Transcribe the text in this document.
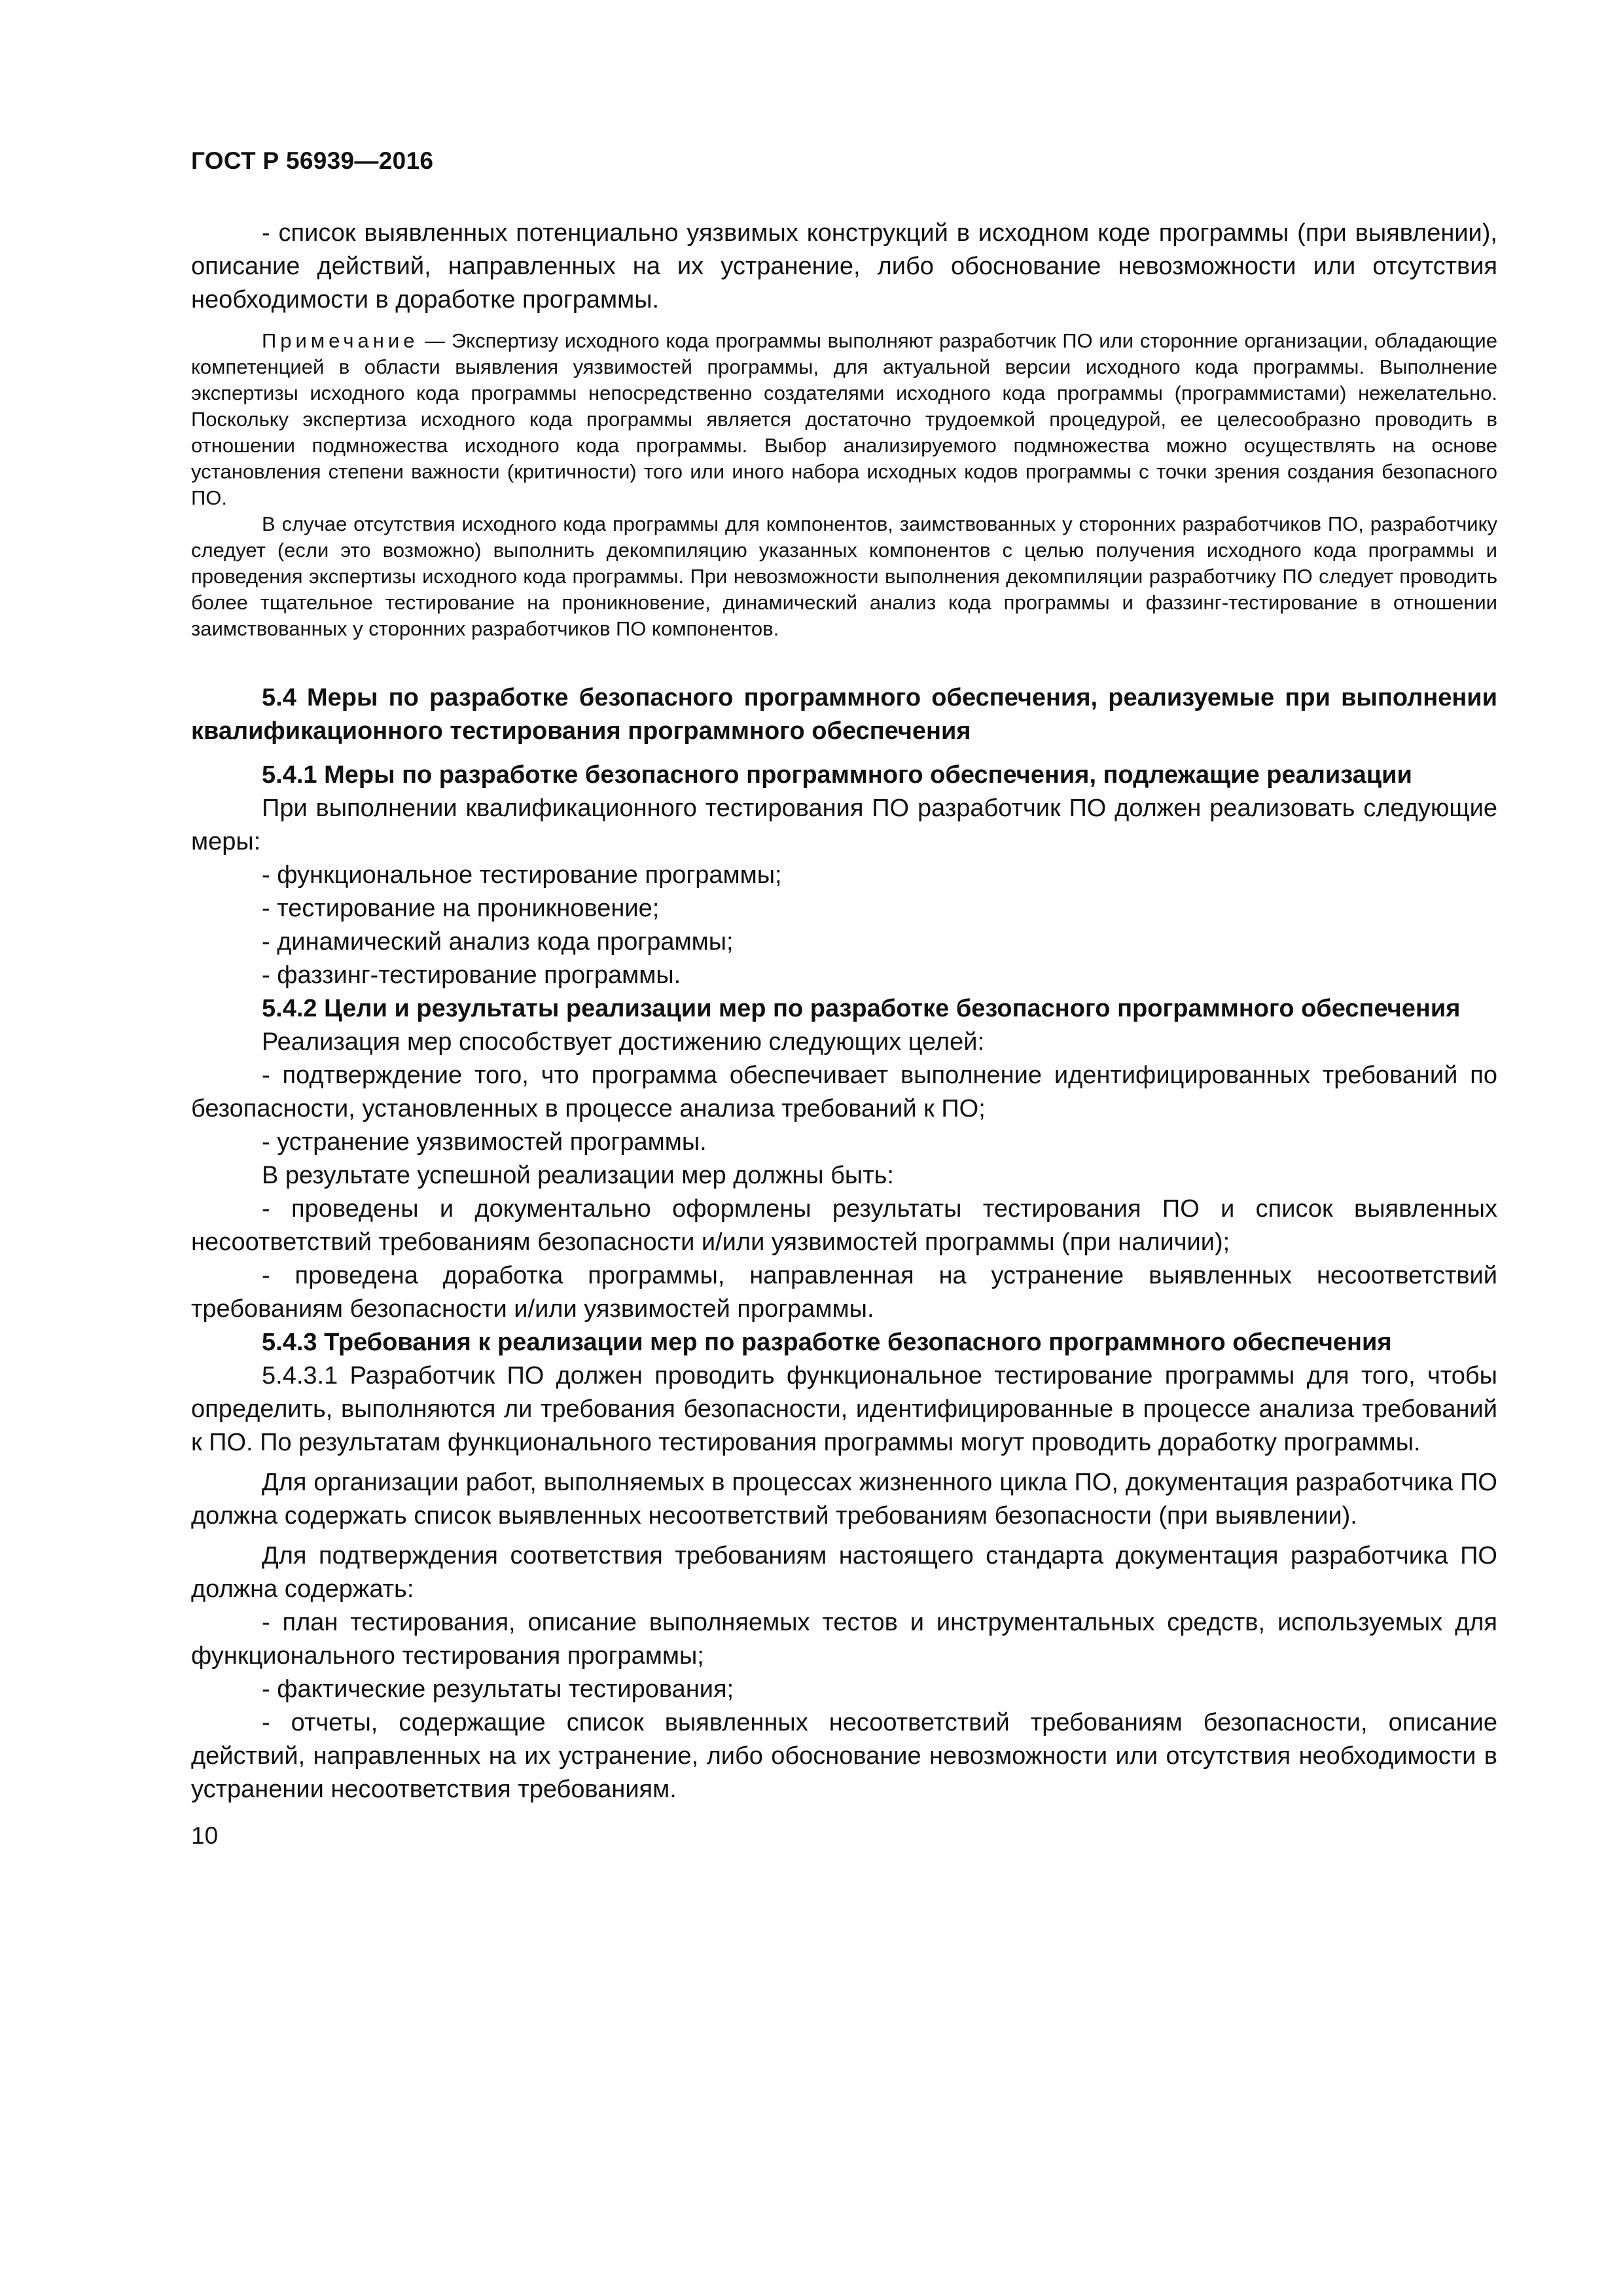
ГОСТ Р 56939—2016

- список выявленных потенциально уязвимых конструкций в исходном коде программы (при выявлении), описание действий, направленных на их устранение, либо обоснование невозможности или отсутствия необходимости в доработке программы.

Примечание — Экспертизу исходного кода программы выполняют разработчик ПО или сторонние организации, обладающие компетенцией в области выявления уязвимостей программы, для актуальной версии исходного кода программы. Выполнение экспертизы исходного кода программы непосредственно создателями исходного кода программы (программистами) нежелательно. Поскольку экспертиза исходного кода программы является достаточно трудоемкой процедурой, ее целесообразно проводить в отношении подмножества исходного кода программы. Выбор анализируемого подмножества можно осуществлять на основе установления степени важности (критичности) того или иного набора исходных кодов программы с точки зрения создания безопасного ПО.

В случае отсутствия исходного кода программы для компонентов, заимствованных у сторонних разработчиков ПО, разработчику следует (если это возможно) выполнить декомпиляцию указанных компонентов с целью получения исходного кода программы и проведения экспертизы исходного кода программы. При невозможности выполнения декомпиляции разработчику ПО следует проводить более тщательное тестирование на проникновение, динамический анализ кода программы и фаззинг-тестирование в отношении заимствованных у сторонних разработчиков ПО компонентов.

5.4 Меры по разработке безопасного программного обеспечения, реализуемые при выполнении квалификационного тестирования программного обеспечения

5.4.1 Меры по разработке безопасного программного обеспечения, подлежащие реализации

При выполнении квалификационного тестирования ПО разработчик ПО должен реализовать следующие меры:

- функциональное тестирование программы;

- тестирование на проникновение;

- динамический анализ кода программы;

- фаззинг-тестирование программы.

5.4.2 Цели и результаты реализации мер по разработке безопасного программного обеспечения

Реализация мер способствует достижению следующих целей:

- подтверждение того, что программа обеспечивает выполнение идентифицированных требований по безопасности, установленных в процессе анализа требований к ПО;

- устранение уязвимостей программы.

В результате успешной реализации мер должны быть:

- проведены и документально оформлены результаты тестирования ПО и список выявленных несоответствий требованиям безопасности и/или уязвимостей программы (при наличии);

- проведена доработка программы, направленная на устранение выявленных несоответствий требованиям безопасности и/или уязвимостей программы.

5.4.3 Требования к реализации мер по разработке безопасного программного обеспечения

5.4.3.1 Разработчик ПО должен проводить функциональное тестирование программы для того, чтобы определить, выполняются ли требования безопасности, идентифицированные в процессе анализа требований к ПО. По результатам функционального тестирования программы могут проводить доработку программы.

Для организации работ, выполняемых в процессах жизненного цикла ПО, документация разработчика ПО должна содержать список выявленных несоответствий требованиям безопасности (при выявлении).

Для подтверждения соответствия требованиям настоящего стандарта документация разработчика ПО должна содержать:

- план тестирования, описание выполняемых тестов и инструментальных средств, используемых для функционального тестирования программы;

- фактические результаты тестирования;

- отчеты, содержащие список выявленных несоответствий требованиям безопасности, описание действий, направленных на их устранение, либо обоснование невозможности или отсутствия необходимости в устранении несоответствия требованиям.

10
